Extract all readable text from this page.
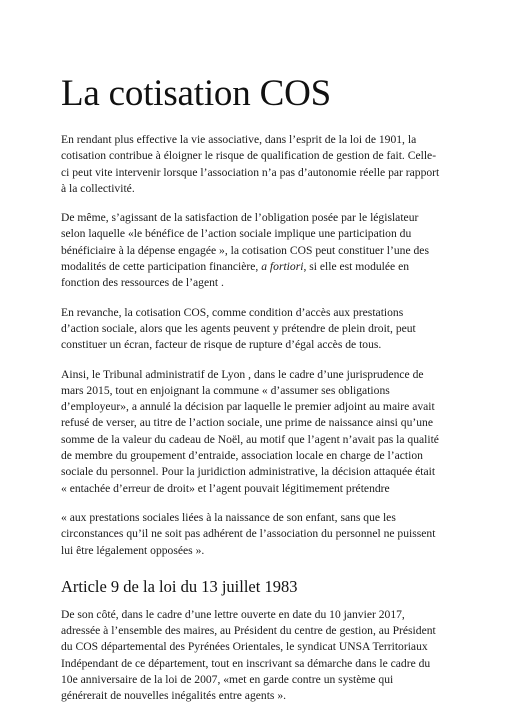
La cotisation COS

En rendant plus effective la vie associative, dans l’esprit de la loi de 1901, la cotisation contribue à éloigner le risque de qualification de gestion de fait. Celle-ci peut vite intervenir lorsque l’association n’a pas d’autonomie réelle par rapport à la collectivité.

De même, s’agissant de la satisfaction de l’obligation posée par le législateur selon laquelle «le bénéfice de l’action sociale implique une participation du bénéficiaire à la dépense engagée », la cotisation COS peut constituer l’une des modalités de cette participation financière, a fortiori, si elle est modulée en fonction des ressources de l’agent .

En revanche, la cotisation COS, comme condition d’accès aux prestations d’action sociale, alors que les agents peuvent y prétendre de plein droit, peut constituer un écran, facteur de risque de rupture d’égal accès de tous.

Ainsi, le Tribunal administratif de Lyon , dans le cadre d’une jurisprudence de mars 2015, tout en enjoignant la commune « d’assumer ses obligations d’employeur», a annulé la décision par laquelle le premier adjoint au maire avait refusé de verser, au titre de l’action sociale, une prime de naissance ainsi qu’une somme de la valeur du cadeau de Noël, au motif que l’agent n’avait pas la qualité de membre du groupement d’entraide, association locale en charge de l’action sociale du personnel. Pour la juridiction administrative, la décision attaquée était « entachée d’erreur de droit» et l’agent pouvait légitimement prétendre

« aux prestations sociales liées à la naissance de son enfant, sans que les circonstances qu’il ne soit pas adhérent de l’association du personnel ne puissent lui être légalement opposées ».

Article 9 de la loi du 13 juillet 1983

De son côté, dans le cadre d’une lettre ouverte en date du 10 janvier 2017, adressée à l’ensemble des maires, au Président du centre de gestion, au Président du COS départemental des Pyrénées Orientales, le syndicat UNSA Territoriaux Indépendant de ce département, tout en inscrivant sa démarche dans le cadre du 10e anniversaire de la loi de 2007, «met en garde contre un système qui générerait de nouvelles inégalités entre agents ».
